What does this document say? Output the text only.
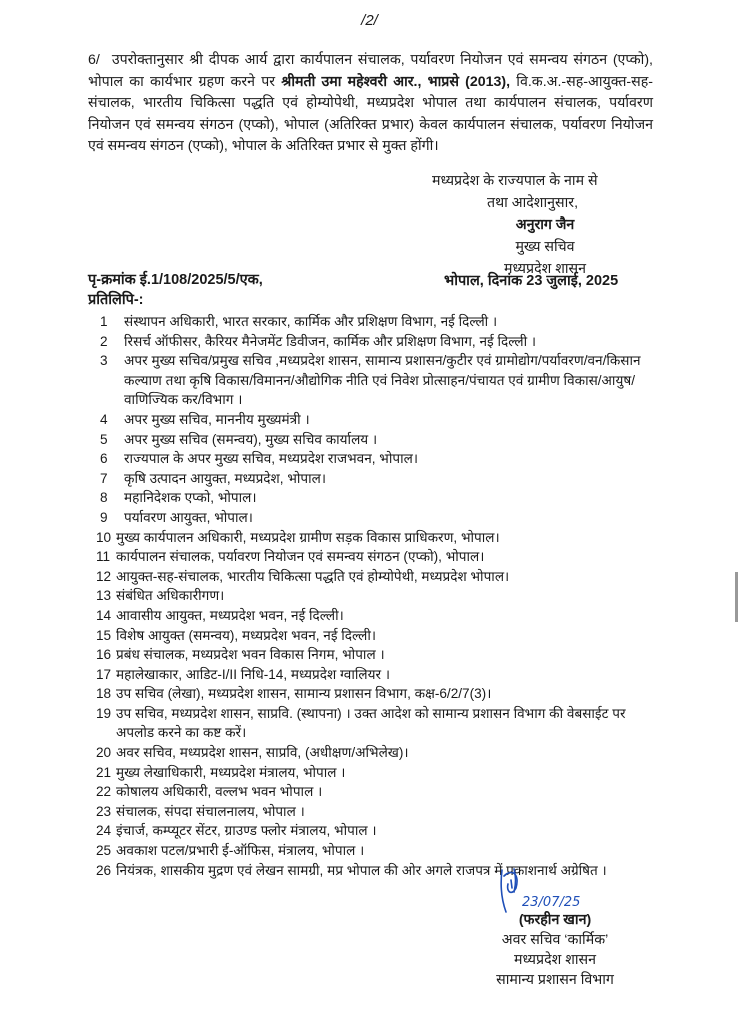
/2/
6/ उपरोक्तानुसार श्री दीपक आर्य द्वारा कार्यपालन संचालक, पर्यावरण नियोजन एवं समन्वय संगठन (एप्को), भोपाल का कार्यभार ग्रहण करने पर श्रीमती उमा महेश्वरी आर., भाप्रसे (2013), वि.क.अ.-सह-आयुक्त-सह-संचालक, भारतीय चिकित्सा पद्धति एवं होम्योपेथी, मध्यप्रदेश भोपाल तथा कार्यपालन संचालक, पर्यावरण नियोजन एवं समन्वय संगठन (एप्को), भोपाल (अतिरिक्त प्रभार) केवल कार्यपालन संचालक, पर्यावरण नियोजन एवं समन्वय संगठन (एप्को), भोपाल के अतिरिक्त प्रभार से मुक्त होंगी।
मध्यप्रदेश के राज्यपाल के नाम से
तथा आदेशानुसार,
अनुराग जैन
मुख्य सचिव
मध्यप्रदेश शासन
पृ-क्रमांक ई.1/108/2025/5/एक,
प्रतिलिपि-:
भोपाल, दिनांक 23 जुलाई, 2025
1	संस्थापन अधिकारी, भारत सरकार, कार्मिक और प्रशिक्षण विभाग, नई दिल्ली ।
2	रिसर्च ऑफीसर, कैरियर मैनेजमेंट डिवीजन, कार्मिक और प्रशिक्षण विभाग, नई दिल्ली ।
3	अपर मुख्य सचिव/प्रमुख सचिव ,मध्यप्रदेश शासन, सामान्य प्रशासन/कुटीर एवं ग्रामोद्योग/पर्यावरण/वन/किसान कल्याण तथा कृषि विकास/विमानन/औद्योगिक नीति एवं निवेश प्रोत्साहन/पंचायत एवं ग्रामीण विकास/आयुष/ वाणिज्यिक कर/विभाग ।
4	अपर मुख्य सचिव, माननीय मुख्यमंत्री ।
5	अपर मुख्य सचिव (समन्वय), मुख्य सचिव कार्यालय ।
6	राज्यपाल के अपर मुख्य सचिव, मध्यप्रदेश राजभवन, भोपाल।
7	कृषि उत्पादन आयुक्त, मध्यप्रदेश, भोपाल।
8	महानिदेशक एप्को, भोपाल।
9	पर्यावरण आयुक्त, भोपाल।
10 मुख्य कार्यपालन अधिकारी, मध्यप्रदेश ग्रामीण सड़क विकास प्राधिकरण, भोपाल।
11 कार्यपालन संचालक, पर्यावरण नियोजन एवं समन्वय संगठन (एप्को), भोपाल।
12 आयुक्त-सह-संचालक, भारतीय चिकित्सा पद्धति एवं होम्योपेथी, मध्यप्रदेश भोपाल।
13 संबंधित अधिकारीगण।
14 आवासीय आयुक्त, मध्यप्रदेश भवन, नई दिल्ली।
15 विशेष आयुक्त (समन्वय), मध्यप्रदेश भवन, नई दिल्ली।
16 प्रबंध संचालक, मध्यप्रदेश भवन विकास निगम, भोपाल ।
17 महालेखाकार, आडिट-I/II निधि-14, मध्यप्रदेश ग्वालियर ।
18 उप सचिव (लेखा), मध्यप्रदेश शासन, सामान्य प्रशासन विभाग, कक्ष-6/2/7(3)।
19 उप सचिव, मध्यप्रदेश शासन, साप्रवि. (स्थापना) । उक्त आदेश को सामान्य प्रशासन विभाग की वेबसाईट पर अपलोड करने का कष्ट करें।
20 अवर सचिव, मध्यप्रदेश शासन, साप्रवि, (अधीक्षण/अभिलेख)।
21 मुख्य लेखाधिकारी, मध्यप्रदेश मंत्रालय, भोपाल ।
22 कोषालय अधिकारी, वल्लभ भवन भोपाल ।
23 संचालक, संपदा संचालनालय, भोपाल ।
24 इंचार्ज, कम्प्यूटर सेंटर, ग्राउण्ड फ्लोर मंत्रालय, भोपाल ।
25 अवकाश पटल/प्रभारी ई-ऑफिस, मंत्रालय, भोपाल ।
26 नियंत्रक, शासकीय मुद्रण एवं लेखन सामग्री, मप्र भोपाल की ओर अगले राजपत्र में प्रकाशनार्थ अग्रेषित ।
23/07/25
(फरहीन खान)
अवर सचिव ‘कार्मिक’
मध्यप्रदेश शासन
सामान्य प्रशासन विभाग
